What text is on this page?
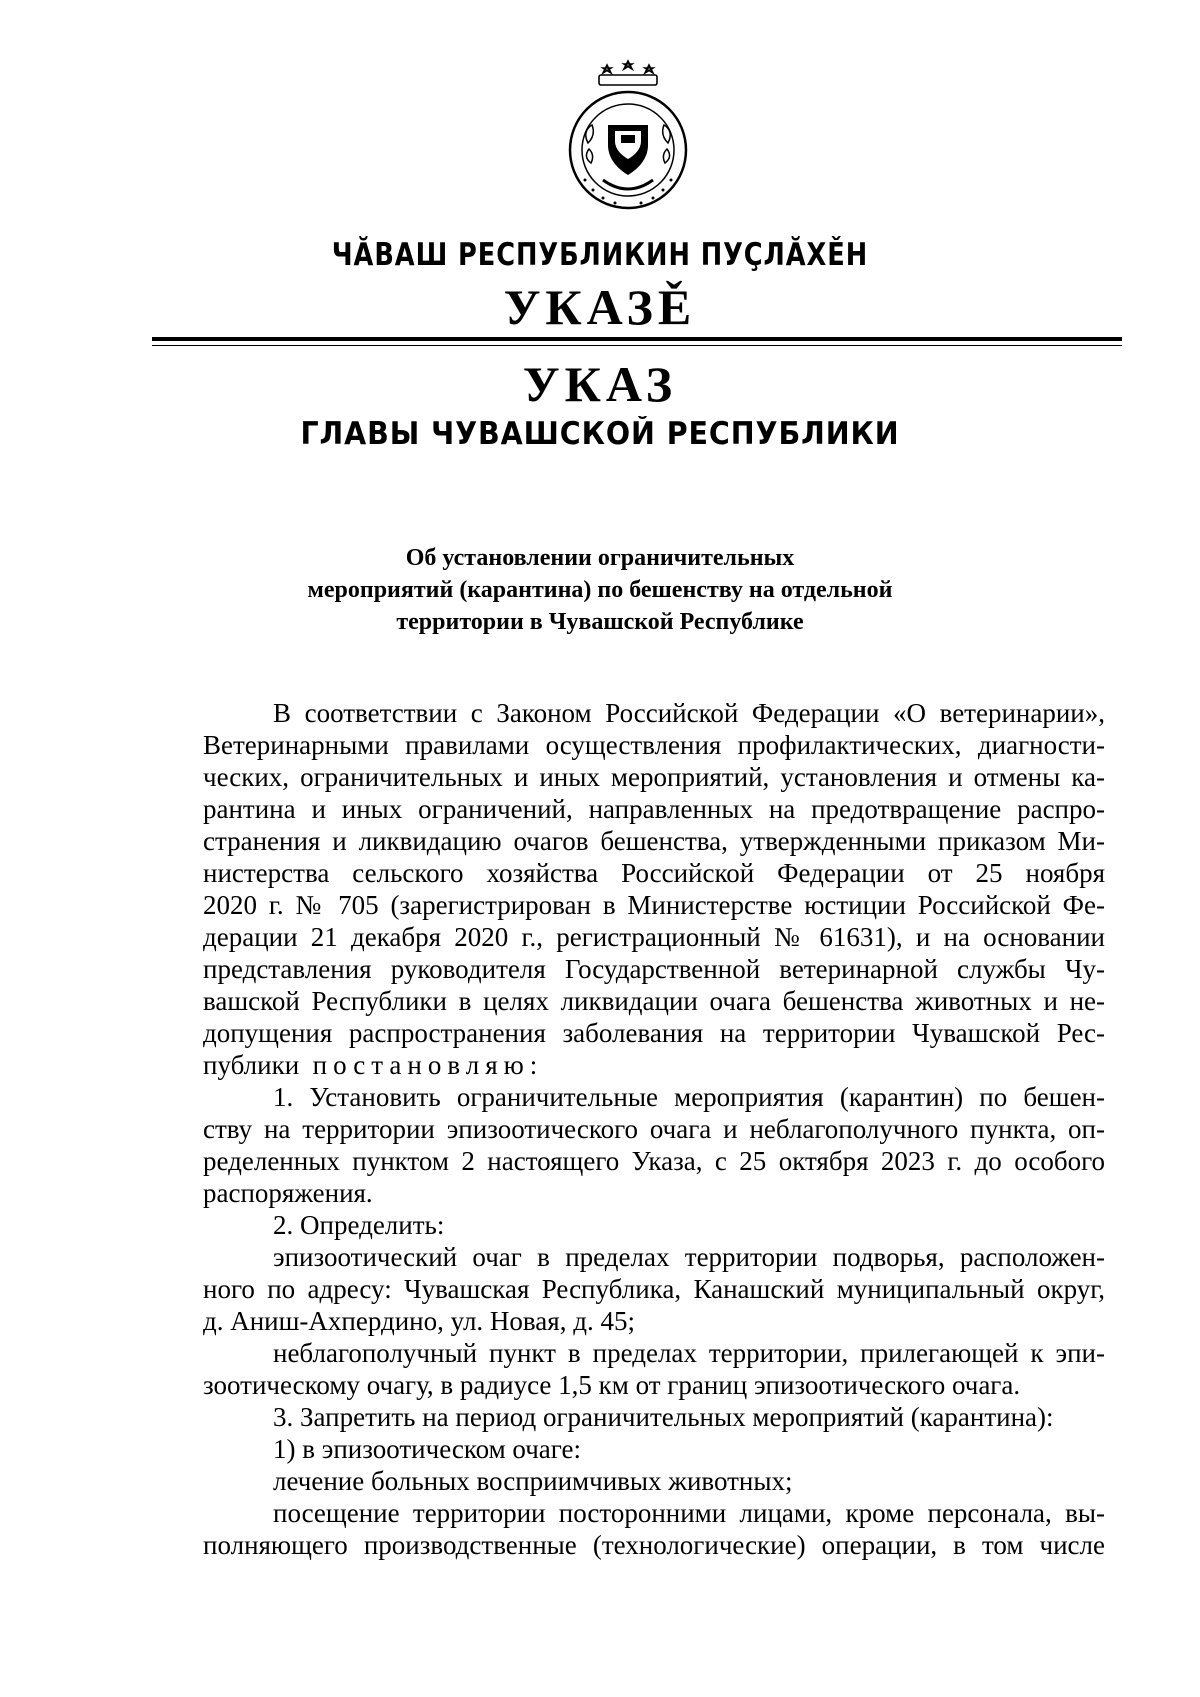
ЧĂВАШ РЕСПУБЛИКИН ПУÇЛĂХĚН
УКАЗĚ
УКАЗ
ГЛАВЫ ЧУВАШСКОЙ РЕСПУБЛИКИ
Об установлении ограничительных
мероприятий (карантина) по бешенству на отдельной
территории в Чувашской Республике
В соответствии с Законом Российской Федерации «О ветеринарии»,
Ветеринарными правилами осуществления профилактических, диагности-
ческих, ограничительных и иных мероприятий, установления и отмены ка-
рантина и иных ограничений, направленных на предотвращение распро-
странения и ликвидацию очагов бешенства, утвержденными приказом Ми-
нистерства сельского хозяйства Российской Федерации от 25 ноября
2020 г. № 705 (зарегистрирован в Министерстве юстиции Российской Фе-
дерации 21 декабря 2020 г., регистрационный № 61631), и на основании
представления руководителя Государственной ветеринарной службы Чу-
вашской Республики в целях ликвидации очага бешенства животных и не-
допущения распространения заболевания на территории Чувашской Рес-
публики постановляю:
1. Установить ограничительные мероприятия (карантин) по бешен-
ству на территории эпизоотического очага и неблагополучного пункта, оп-
ределенных пунктом 2 настоящего Указа, с 25 октября 2023 г. до особого
распоряжения.
2. Определить:
эпизоотический очаг в пределах территории подворья, расположен-
ного по адресу: Чувашская Республика, Канашский муниципальный округ,
д. Аниш-Ахпердино, ул. Новая, д. 45;
неблагополучный пункт в пределах территории, прилегающей к эпи-
зоотическому очагу, в радиусе 1,5 км от границ эпизоотического очага.
3. Запретить на период ограничительных мероприятий (карантина):
1) в эпизоотическом очаге:
лечение больных восприимчивых животных;
посещение территории посторонними лицами, кроме персонала, вы-
полняющего производственные (технологические) операции, в том числе
